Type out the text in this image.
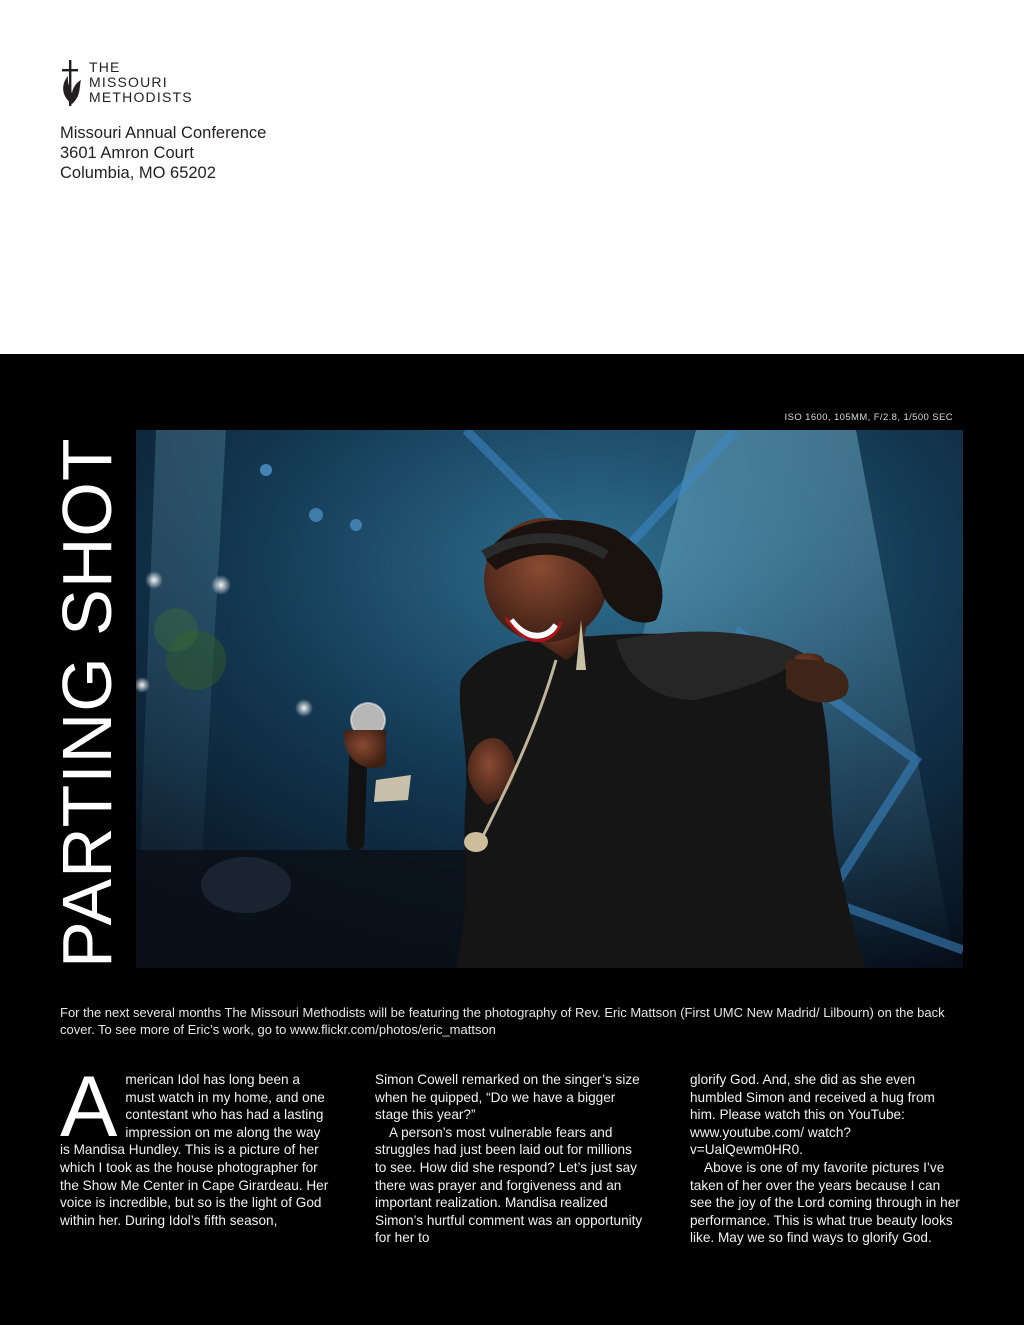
THE
MISSOURI
METHODISTS
Missouri Annual Conference
3601 Amron Court
Columbia, MO 65202
PARTING SHOT
ISO 1600, 105MM, F/2.8, 1/500 SEC
For the next several months The Missouri Methodists will be featuring the photography of Rev. Eric Mattson (First UMC New Madrid/ Lilbourn) on the back cover. To see more of Eric’s work, go to www.flickr.com/photos/eric_mattson
A merican Idol has long been a must watch in my home, and one contestant who has had a lasting impression on me along the way is Mandisa Hundley. This is a picture of her which I took as the house photographer for the Show Me Center in Cape Girardeau. Her voice is incredible, but so is the light of God within her. During Idol’s fifth season,

Simon Cowell remarked on the singer’s size when he quipped, “Do we have a bigger stage this year?”

A person’s most vulnerable fears and struggles had just been laid out for millions to see. How did she respond? Let’s just say there was prayer and forgiveness and an important realization. Mandisa realized Simon’s hurtful comment was an opportunity for her to

glorify God. And, she did as she even humbled Simon and received a hug from him. Please watch this on YouTube: www.youtube.com/ watch?v=UalQewm0HR0.

Above is one of my favorite pictures I’ve taken of her over the years because I can see the joy of the Lord coming through in her performance. This is what true beauty looks like. May we so find ways to glorify God.
